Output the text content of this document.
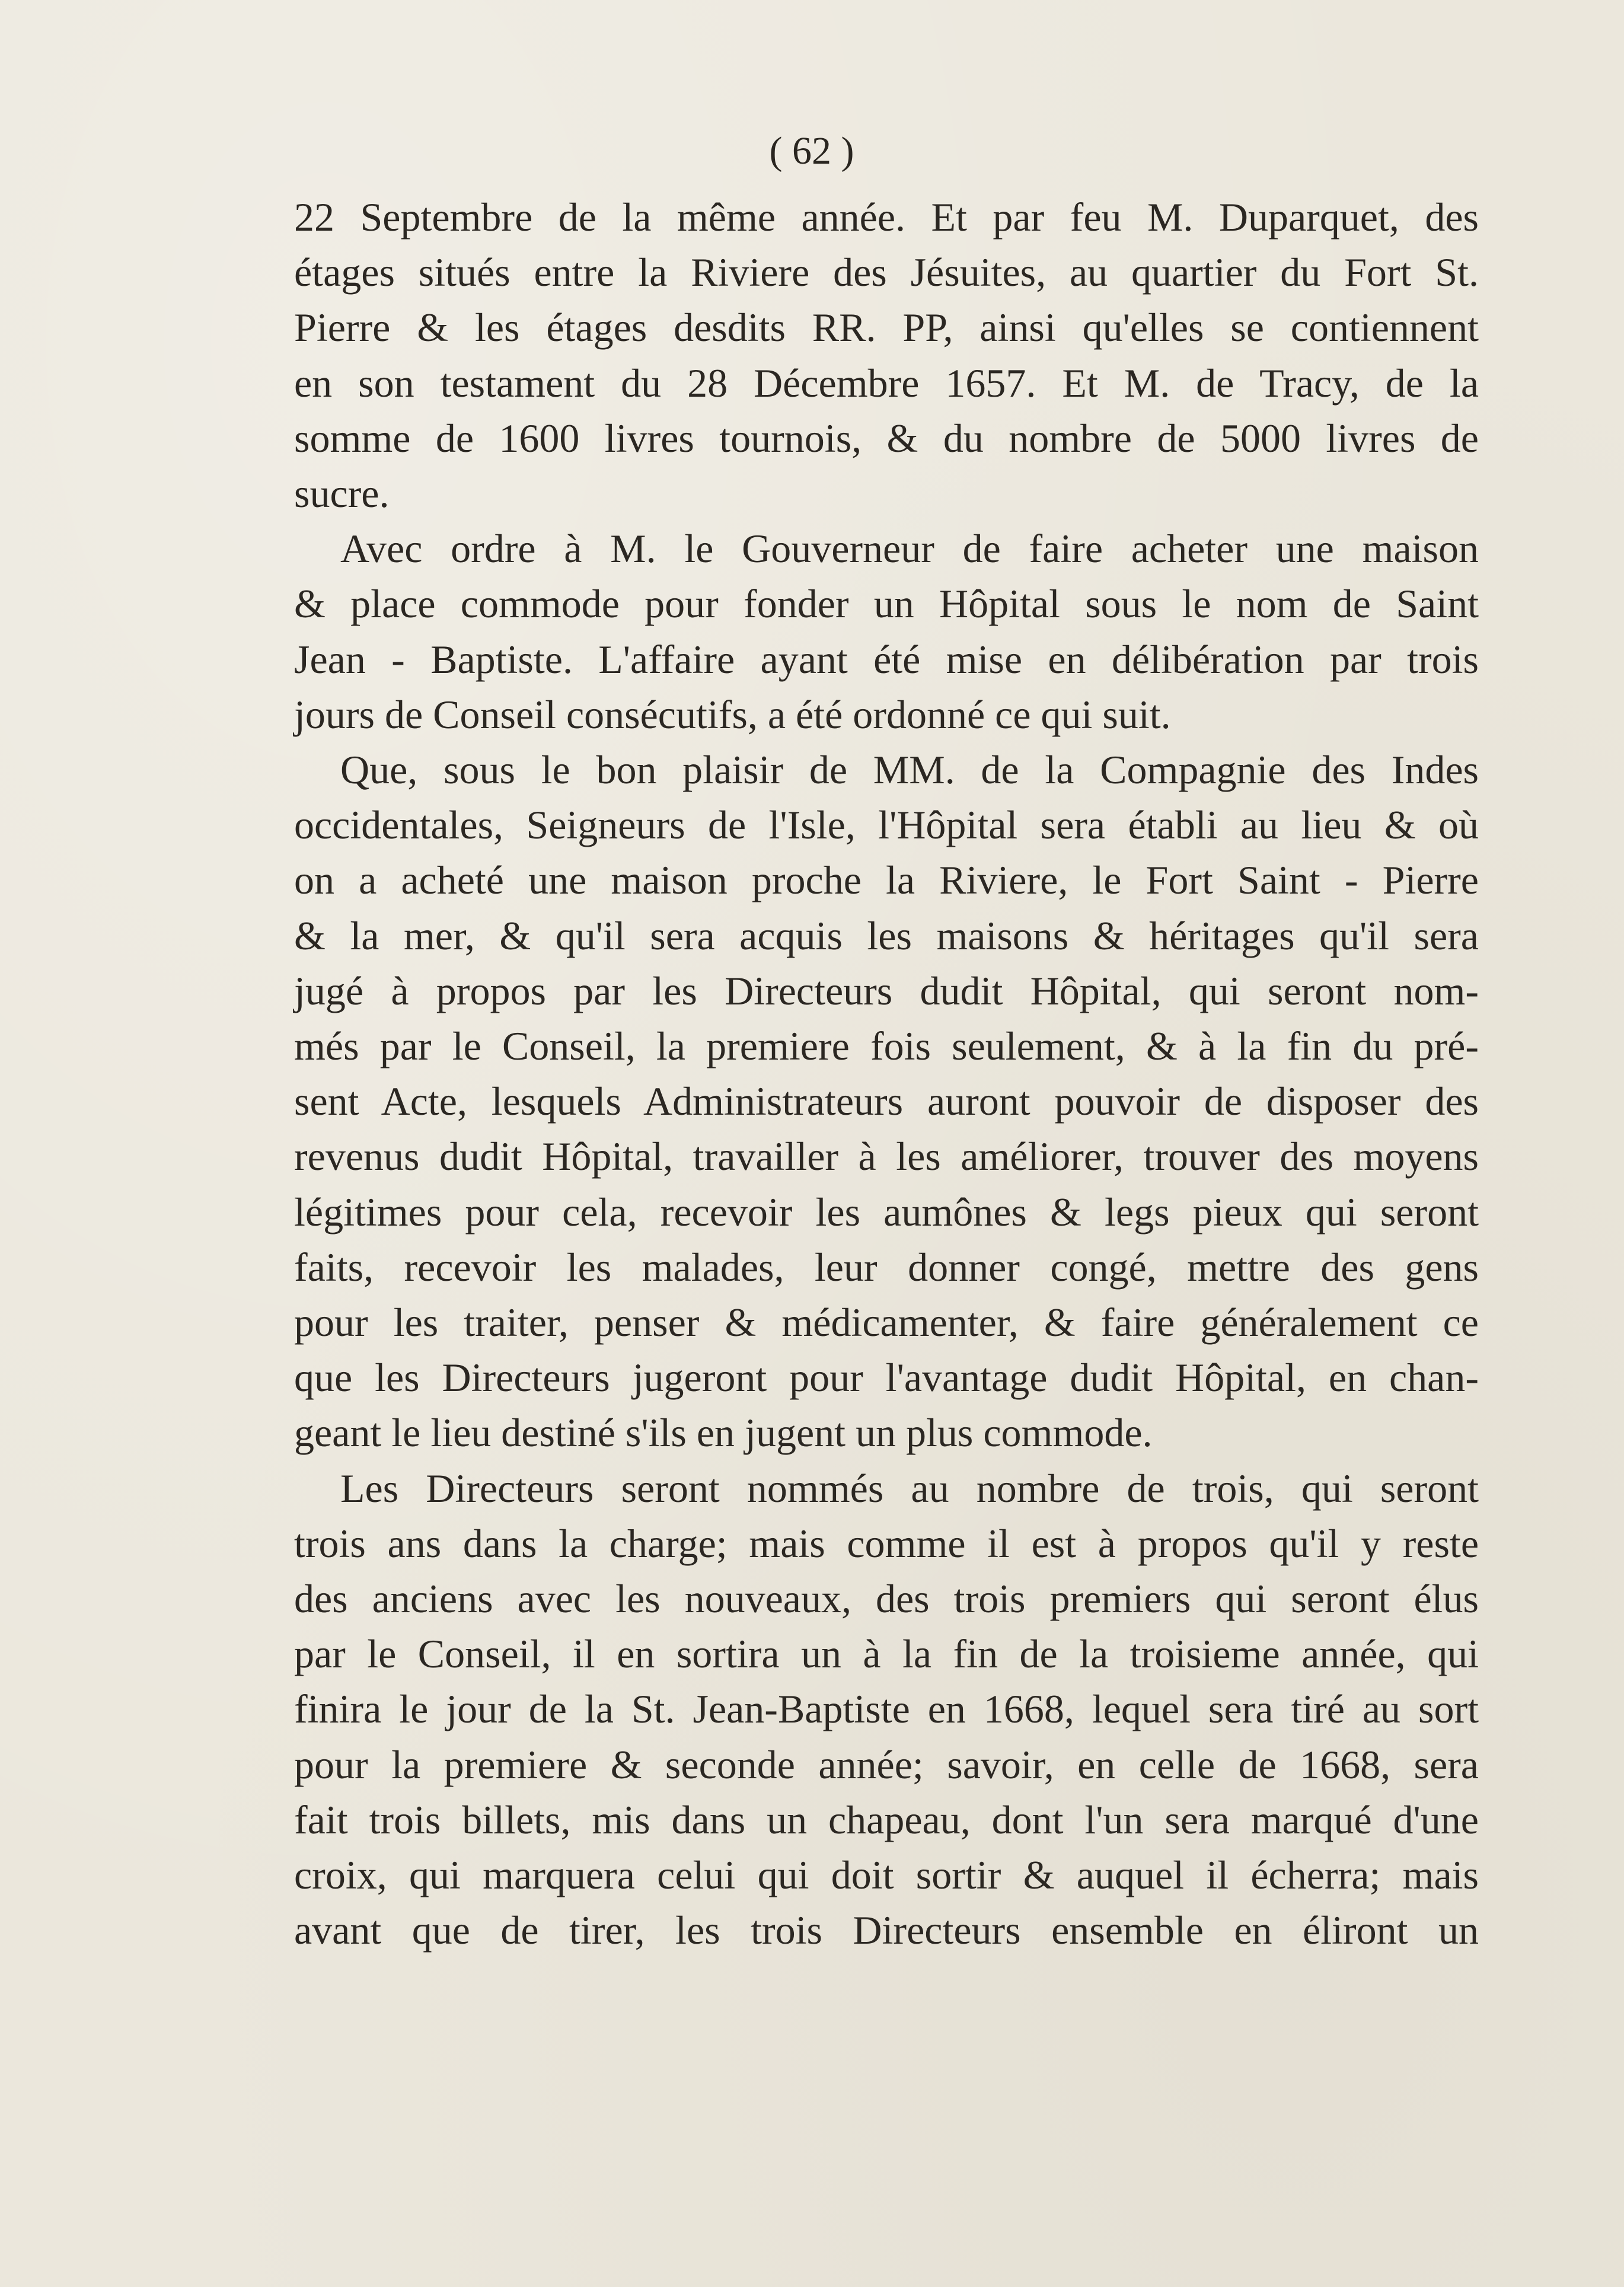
( 62 )

22 Septembre de la même année. Et par feu M. Duparquet, des

étages situés entre la Riviere des Jésuites, au quartier du Fort St.

Pierre & les étages desdits RR. PP, ainsi qu'elles se contiennent

en son testament du 28 Décembre 1657. Et M. de Tracy, de la

somme de 1600 livres tournois, & du nombre de 5000 livres de

sucre.

Avec ordre à M. le Gouverneur de faire acheter une maison

& place commode pour fonder un Hôpital sous le nom de Saint

Jean - Baptiste. L'affaire ayant été mise en délibération par trois

jours de Conseil consécutifs, a été ordonné ce qui suit.

Que, sous le bon plaisir de MM. de la Compagnie des Indes

occidentales, Seigneurs de l'Isle, l'Hôpital sera établi au lieu & où

on a acheté une maison proche la Riviere, le Fort Saint - Pierre

& la mer, & qu'il sera acquis les maisons & héritages qu'il sera

jugé à propos par les Directeurs dudit Hôpital, qui seront nom-

més par le Conseil, la premiere fois seulement, & à la fin du pré-

sent Acte, lesquels Administrateurs auront pouvoir de disposer des

revenus dudit Hôpital, travailler à les améliorer, trouver des moyens

légitimes pour cela, recevoir les aumônes & legs pieux qui seront

faits, recevoir les malades, leur donner congé, mettre des gens

pour les traiter, penser & médicamenter, & faire généralement ce

que les Directeurs jugeront pour l'avantage dudit Hôpital, en chan-

geant le lieu destiné s'ils en jugent un plus commode.

Les Directeurs seront nommés au nombre de trois, qui seront

trois ans dans la charge; mais comme il est à propos qu'il y reste

des anciens avec les nouveaux, des trois premiers qui seront élus

par le Conseil, il en sortira un à la fin de la troisieme année, qui

finira le jour de la St. Jean-Baptiste en 1668, lequel sera tiré au sort

pour la premiere & seconde année; savoir, en celle de 1668, sera

fait trois billets, mis dans un chapeau, dont l'un sera marqué d'une

croix, qui marquera celui qui doit sortir & auquel il écherra; mais

avant que de tirer, les trois Directeurs ensemble en éliront un
